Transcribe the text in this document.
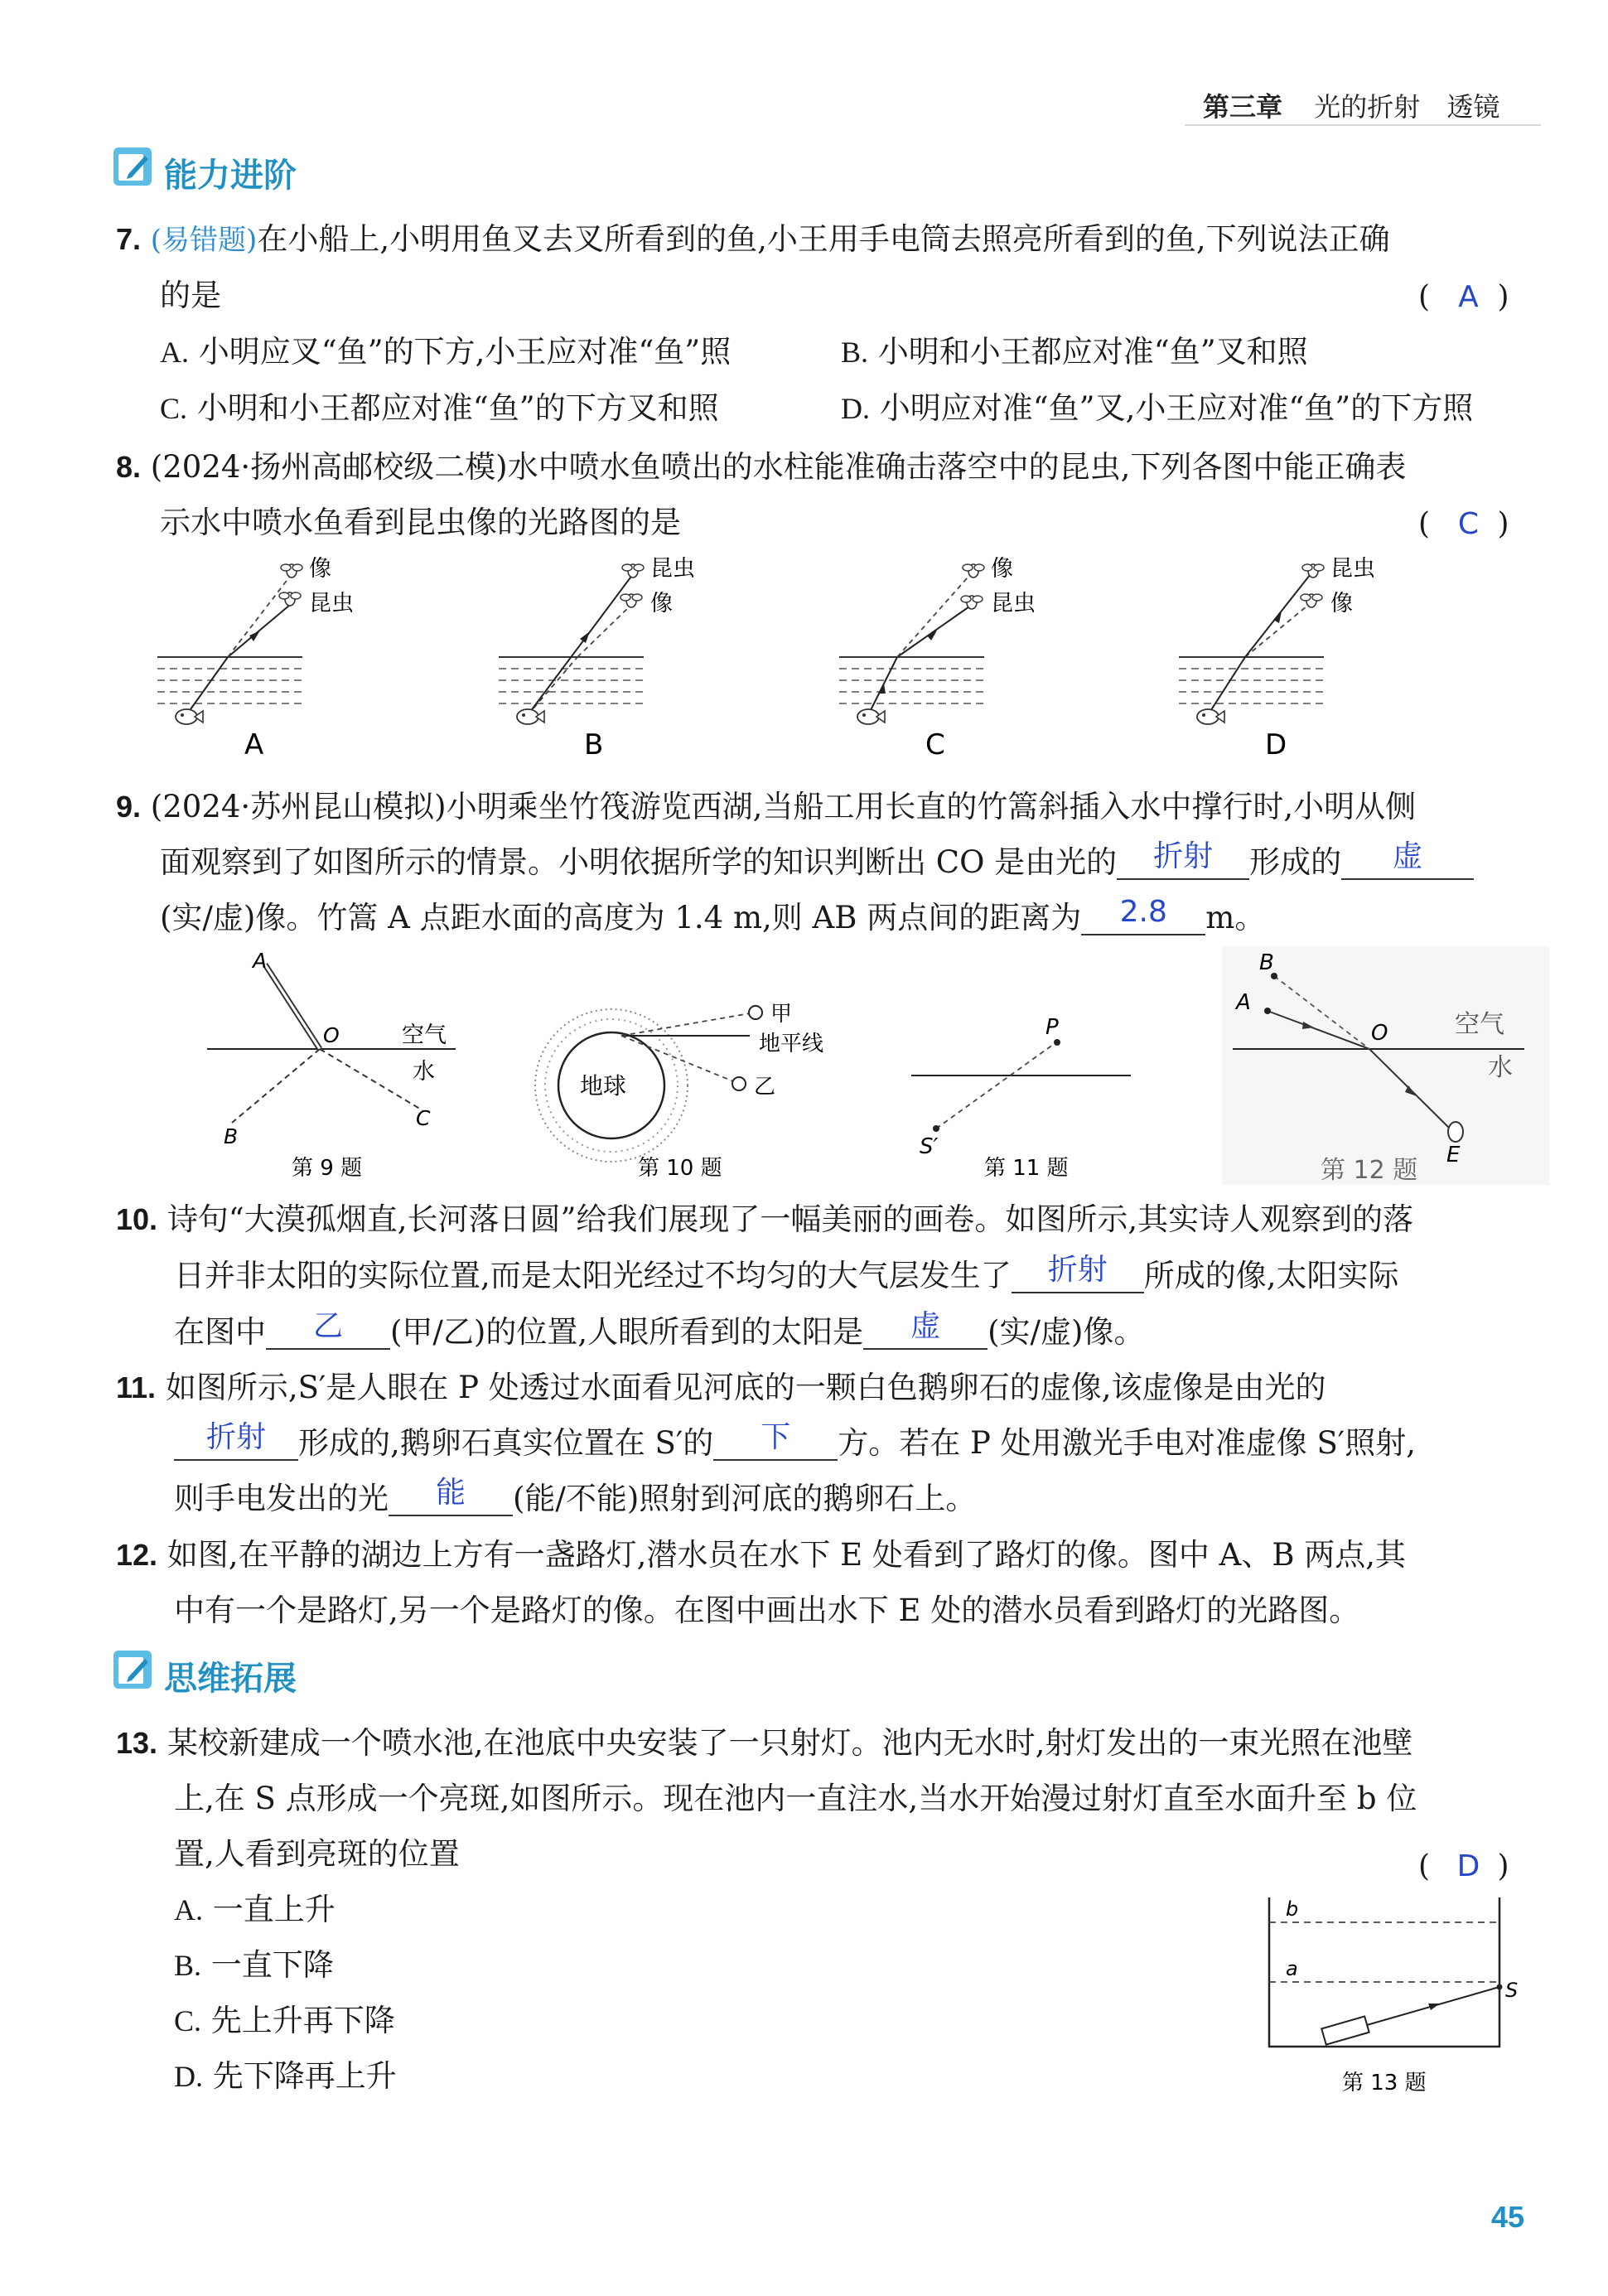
第三章 光的折射 透镜
能力进阶
7. (易错题)在小船上,小明用鱼叉去叉所看到的鱼,小王用手电筒去照亮所看到的鱼,下列说法正确
的是	( A )
A. 小明应叉“鱼”的下方,小王应对准“鱼”照	B. 小明和小王都应对准“鱼”叉和照
C. 小明和小王都应对准“鱼”的下方叉和照	D. 小明应对准“鱼”叉,小王应对准“鱼”的下方照
8. (2024·扬州高邮校级二模)水中喷水鱼喷出的水柱能准确击落空中的昆虫,下列各图中能正确表
示水中喷水鱼看到昆虫像的光路图的是	( C )
像
昆虫
A
昆虫
像
B
像
昆虫
C
昆虫
像
D
9. (2024·苏州昆山模拟)小明乘坐竹筏游览西湖,当船工用长直的竹篙斜插入水中撑行时,小明从侧
面观察到了如图所示的情景。小明依据所学的知识判断出 CO 是由光的 折射 形成的 虚
(实/虚)像。竹篙 A 点距水面的高度为 1.4 m,则 AB 两点间的距离为 2.8 m。
A
O	空气
水
B
C
第 9 题
地球
甲
地平线
乙
第 10 题
P
S′
第 11 题
A
B
O	空气
水
E
第 12 题
10. 诗句“大漠孤烟直,长河落日圆”给我们展现了一幅美丽的画卷。如图所示,其实诗人观察到的落
日并非太阳的实际位置,而是太阳光经过不均匀的大气层发生了 折射 所成的像,太阳实际
在图中 乙 (甲/乙)的位置,人眼所看到的太阳是 虚 (实/虚)像。
11. 如图所示,S′是人眼在 P 处透过水面看见河底的一颗白色鹅卵石的虚像,该虚像是由光的
折射 形成的,鹅卵石真实位置在 S′的 下 方。若在 P 处用激光手电对准虚像 S′照射,
则手电发出的光 能 (能/不能)照射到河底的鹅卵石上。
12. 如图,在平静的湖边上方有一盏路灯,潜水员在水下 E 处看到了路灯的像。图中 A、B 两点,其
中有一个是路灯,另一个是路灯的像。在图中画出水下 E 处的潜水员看到路灯的光路图。
思维拓展
13. 某校新建成一个喷水池,在池底中央安装了一只射灯。池内无水时,射灯发出的一束光照在池壁
上,在 S 点形成一个亮斑,如图所示。现在池内一直注水,当水开始漫过射灯直至水面升至 b 位
置,人看到亮斑的位置	( D )
A. 一直上升
B. 一直下降
C. 先上升再下降
D. 先下降再上升
b
a
S
第 13 题
45
